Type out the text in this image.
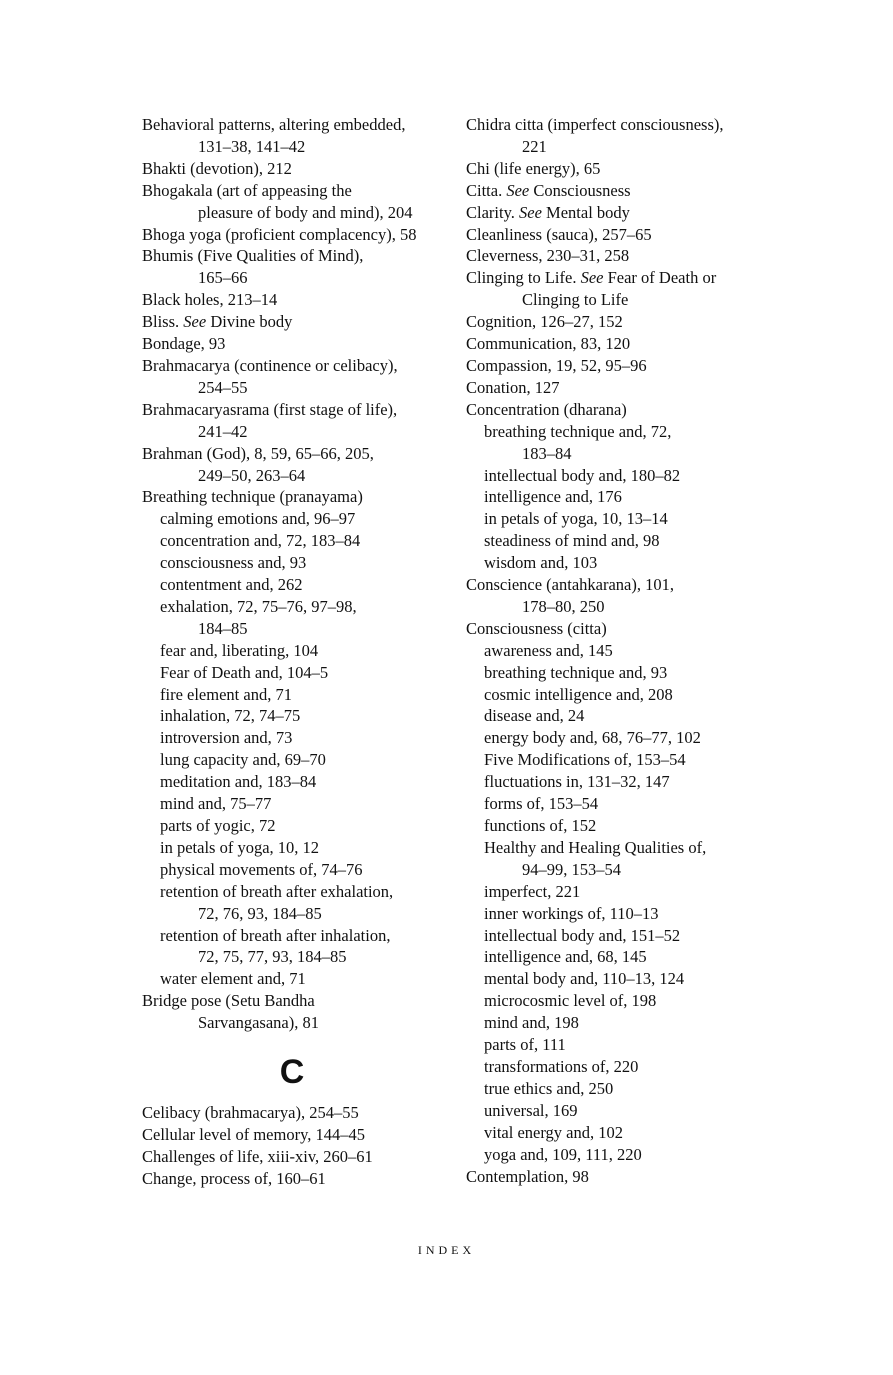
Behavioral patterns, altering embedded,
131–38, 141–42
Bhakti (devotion), 212
Bhogakala (art of appeasing the
pleasure of body and mind), 204
Bhoga yoga (proficient complacency), 58
Bhumis (Five Qualities of Mind),
165–66
Black holes, 213–14
Bliss. See Divine body
Bondage, 93
Brahmacarya (continence or celibacy),
254–55
Brahmacaryasrama (first stage of life),
241–42
Brahman (God), 8, 59, 65–66, 205,
249–50, 263–64
Breathing technique (pranayama)
calming emotions and, 96–97
concentration and, 72, 183–84
consciousness and, 93
contentment and, 262
exhalation, 72, 75–76, 97–98,
184–85
fear and, liberating, 104
Fear of Death and, 104–5
fire element and, 71
inhalation, 72, 74–75
introversion and, 73
lung capacity and, 69–70
meditation and, 183–84
mind and, 75–77
parts of yogic, 72
in petals of yoga, 10, 12
physical movements of, 74–76
retention of breath after exhalation,
72, 76, 93, 184–85
retention of breath after inhalation,
72, 75, 77, 93, 184–85
water element and, 71
Bridge pose (Setu Bandha
Sarvangasana), 81
C
Celibacy (brahmacarya), 254–55
Cellular level of memory, 144–45
Challenges of life, xiii-xiv, 260–61
Change, process of, 160–61
Chidra citta (imperfect consciousness),
221
Chi (life energy), 65
Citta. See Consciousness
Clarity. See Mental body
Cleanliness (sauca), 257–65
Cleverness, 230–31, 258
Clinging to Life. See Fear of Death or
Clinging to Life
Cognition, 126–27, 152
Communication, 83, 120
Compassion, 19, 52, 95–96
Conation, 127
Concentration (dharana)
breathing technique and, 72,
183–84
intellectual body and, 180–82
intelligence and, 176
in petals of yoga, 10, 13–14
steadiness of mind and, 98
wisdom and, 103
Conscience (antahkarana), 101,
178–80, 250
Consciousness (citta)
awareness and, 145
breathing technique and, 93
cosmic intelligence and, 208
disease and, 24
energy body and, 68, 76–77, 102
Five Modifications of, 153–54
fluctuations in, 131–32, 147
forms of, 153–54
functions of, 152
Healthy and Healing Qualities of,
94–99, 153–54
imperfect, 221
inner workings of, 110–13
intellectual body and, 151–52
intelligence and, 68, 145
mental body and, 110–13, 124
microcosmic level of, 198
mind and, 198
parts of, 111
transformations of, 220
true ethics and, 250
universal, 169
vital energy and, 102
yoga and, 109, 111, 220
Contemplation, 98
INDEX
